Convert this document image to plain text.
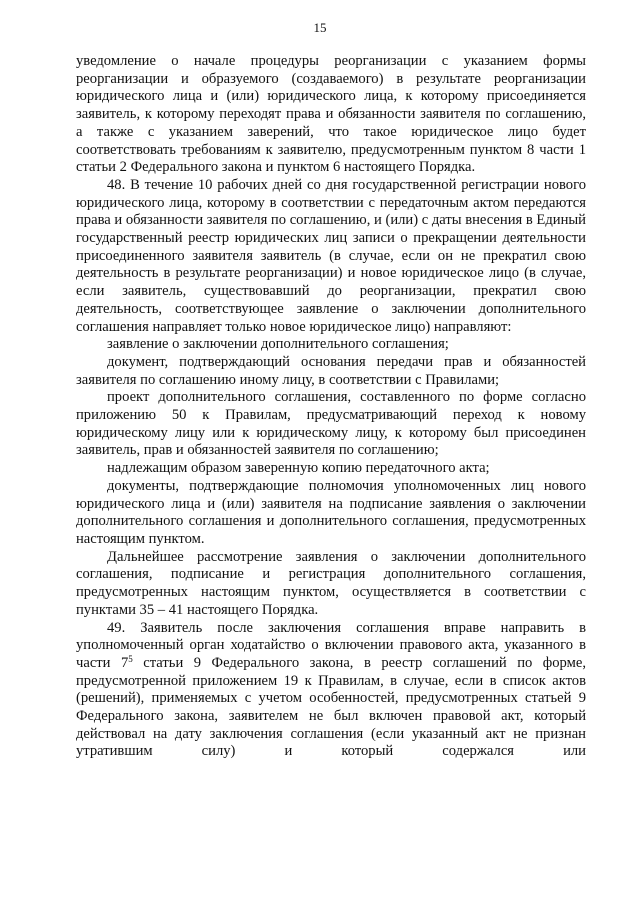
15

уведомление о начале процедуры реорганизации с указанием формы реорганизации и образуемого (создаваемого) в результате реорганизации юридического лица и (или) юридического лица, к которому присоединяется заявитель, к которому переходят права и обязанности заявителя по соглашению, а также с указанием заверений, что такое юридическое лицо будет соответствовать требованиям к заявителю, предусмотренным пунктом 8 части 1 статьи 2 Федерального закона и пунктом 6 настоящего Порядка.

48. В течение 10 рабочих дней со дня государственной регистрации нового юридического лица, которому в соответствии с передаточным актом передаются права и обязанности заявителя по соглашению, и (или) с даты внесения в Единый государственный реестр юридических лиц записи о прекращении деятельности присоединенного заявителя заявитель (в случае, если он не прекратил свою деятельность в результате реорганизации) и новое юридическое лицо (в случае, если заявитель, существовавший до реорганизации, прекратил свою деятельность, соответствующее заявление о заключении дополнительного соглашения направляет только новое юридическое лицо) направляют:

заявление о заключении дополнительного соглашения;

документ, подтверждающий основания передачи прав и обязанностей заявителя по соглашению иному лицу, в соответствии с Правилами;

проект дополнительного соглашения, составленного по форме согласно приложению 50 к Правилам, предусматривающий переход к новому юридическому лицу или к юридическому лицу, к которому был присоединен заявитель, прав и обязанностей заявителя по соглашению;

надлежащим образом заверенную копию передаточного акта;

документы, подтверждающие полномочия уполномоченных лиц нового юридического лица и (или) заявителя на подписание заявления о заключении дополнительного соглашения и дополнительного соглашения, предусмотренных настоящим пунктом.

Дальнейшее рассмотрение заявления о заключении дополнительного соглашения, подписание и регистрация дополнительного соглашения, предусмотренных настоящим пунктом, осуществляется в соответствии с пунктами 35 – 41 настоящего Порядка.

49. Заявитель после заключения соглашения вправе направить в уполномоченный орган ходатайство о включении правового акта, указанного в части $7^5$ статьи 9 Федерального закона, в реестр соглашений по форме, предусмотренной приложением 19 к Правилам, в случае, если в список актов (решений), применяемых с учетом особенностей, предусмотренных статьей 9 Федерального закона, заявителем не был включен правовой акт, который действовал на дату заключения соглашения (если указанный акт не признан утратившим силу) и который содержался или
